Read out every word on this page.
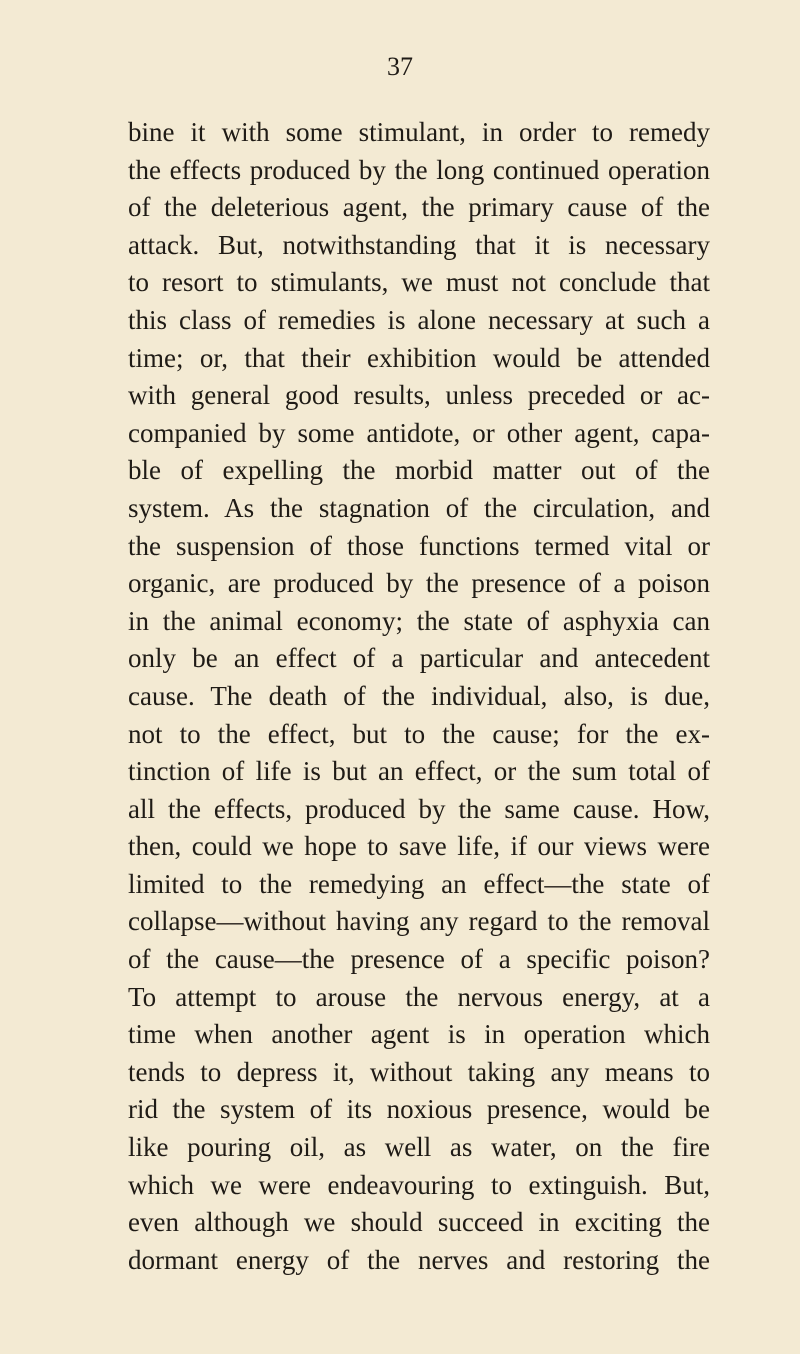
37
bine it with some stimulant, in order to remedy
the effects produced by the long continued operation
of the deleterious agent, the primary cause of the
attack. But, notwithstanding that it is necessary
to resort to stimulants, we must not conclude that
this class of remedies is alone necessary at such a
time; or, that their exhibition would be attended
with general good results, unless preceded or ac-
companied by some antidote, or other agent, capa-
ble of expelling the morbid matter out of the
system. As the stagnation of the circulation, and
the suspension of those functions termed vital or
organic, are produced by the presence of a poison
in the animal economy; the state of asphyxia can
only be an effect of a particular and antecedent
cause. The death of the individual, also, is due,
not to the effect, but to the cause; for the ex-
tinction of life is but an effect, or the sum total of
all the effects, produced by the same cause. How,
then, could we hope to save life, if our views were
limited to the remedying an effect—the state of
collapse—without having any regard to the removal
of the cause—the presence of a specific poison?
To attempt to arouse the nervous energy, at a
time when another agent is in operation which
tends to depress it, without taking any means to
rid the system of its noxious presence, would be
like pouring oil, as well as water, on the fire
which we were endeavouring to extinguish. But,
even although we should succeed in exciting the
dormant energy of the nerves and restoring the
